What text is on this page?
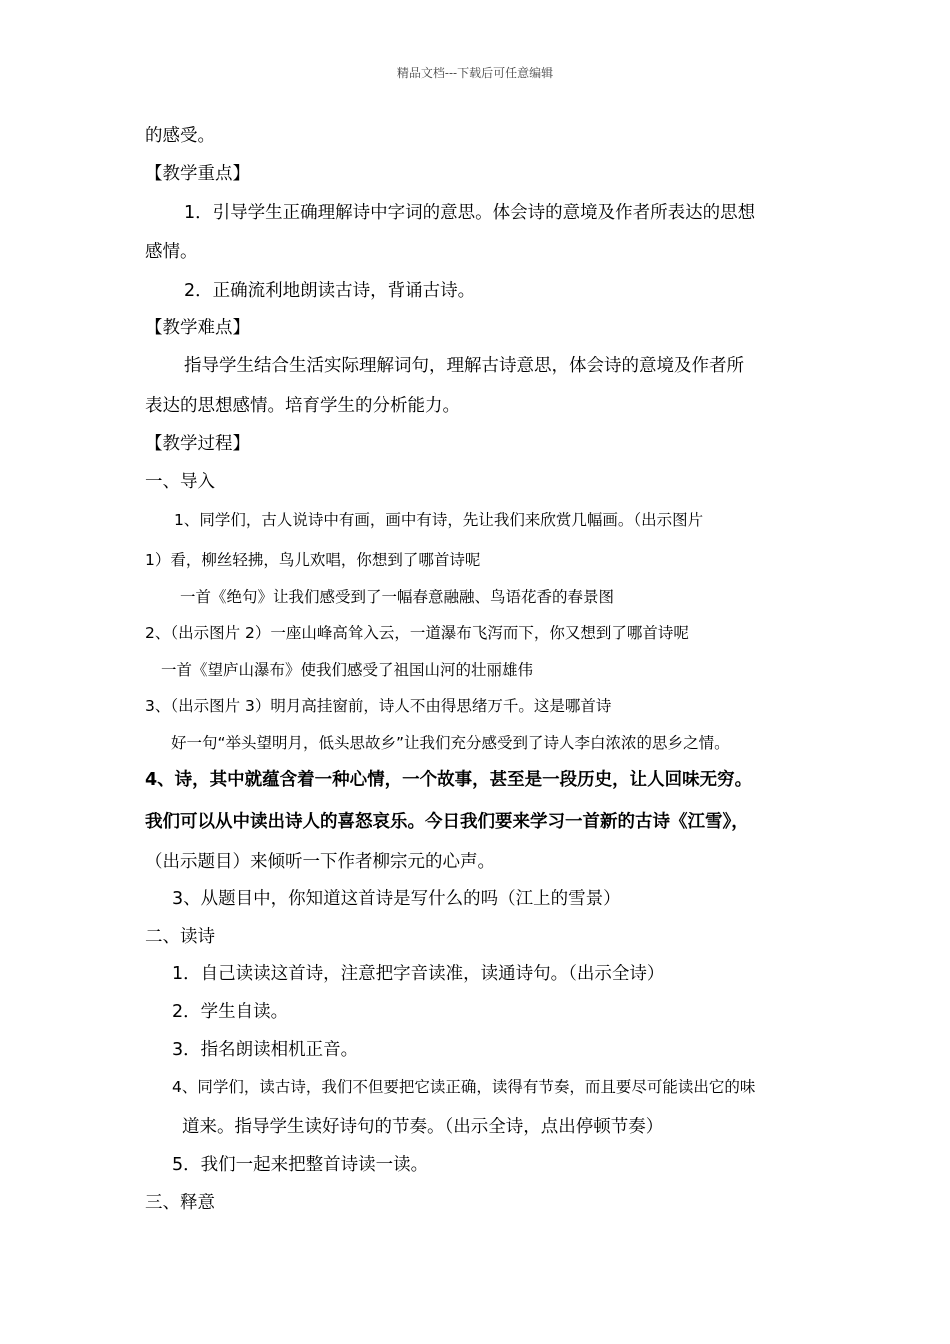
精品文档---下载后可任意编辑
的感受。
【教学重点】
1．引导学生正确理解诗中字词的意思。体会诗的意境及作者所表达的思想
感情。
2．正确流利地朗读古诗，背诵古诗。
【教学难点】
指导学生结合生活实际理解词句，理解古诗意思，体会诗的意境及作者所
表达的思想感情。培育学生的分析能力。
【教学过程】
一、导入
1、同学们，古人说诗中有画，画中有诗，先让我们来欣赏几幅画。（出示图片
1）看，柳丝轻拂，鸟儿欢唱，你想到了哪首诗呢
一首《绝句》让我们感受到了一幅春意融融、鸟语花香的春景图
2、（出示图片 2）一座山峰高耸入云，一道瀑布飞泻而下，你又想到了哪首诗呢
一首《望庐山瀑布》使我们感受了祖国山河的壮丽雄伟
3、（出示图片 3）明月高挂窗前，诗人不由得思绪万千。这是哪首诗
好一句“举头望明月，低头思故乡”让我们充分感受到了诗人李白浓浓的思乡之情。
4、诗，其中就蕴含着一种心情，一个故事，甚至是一段历史，让人回味无穷。
我们可以从中读出诗人的喜怒哀乐。今日我们要来学习一首新的古诗《江雪》，
（出示题目）来倾听一下作者柳宗元的心声。
3、从题目中，你知道这首诗是写什么的吗（江上的雪景）
二、读诗
1．自己读读这首诗，注意把字音读准，读通诗句。（出示全诗）
2．学生自读。
3．指名朗读相机正音。
4、同学们，读古诗，我们不但要把它读正确，读得有节奏，而且要尽可能读出它的味
道来。指导学生读好诗句的节奏。（出示全诗，点出停顿节奏）
5．我们一起来把整首诗读一读。
三、释意
